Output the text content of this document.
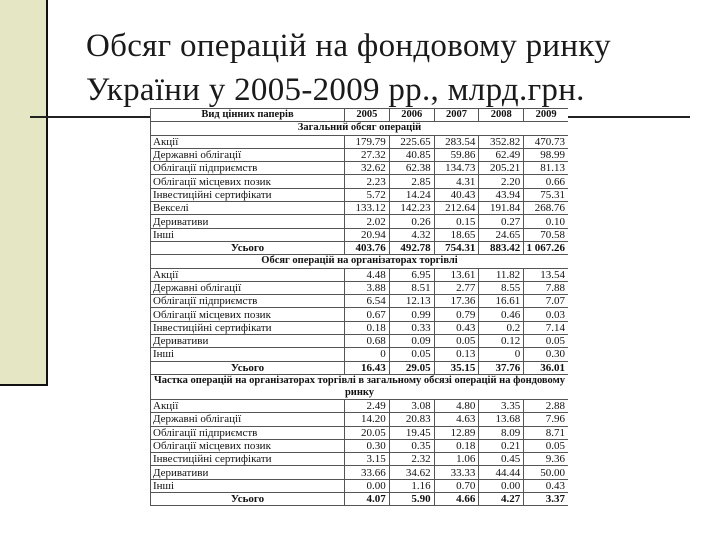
Обсяг операцій на фондовому ринку
України у 2005-2009 рр., млрд.грн.
Вид цінних паперів	2005	2006	2007	2008	2009
Загальний обсяг операцій					
Акції	179.79	225.65	283.54	352.82	470.73
Державні облігації	27.32	40.85	59.86	62.49	98.99
Облігації підприємств	32.62	62.38	134.73	205.21	81.13
Облігації місцевих позик	2.23	2.85	4.31	2.20	0.66
Інвестиційні сертифікати	5.72	14.24	40.43	43.94	75.31
Векселі	133.12	142.23	212.64	191.84	268.76
Деривативи	2.02	0.26	0.15	0.27	0.10
Інші	20.94	4.32	18.65	24.65	70.58
Усього	403.76	492.78	754.31	883.42	1 067.26
Обсяг операцій на організаторах торгівлі					
Акції	4.48	6.95	13.61	11.82	13.54
Державні облігації	3.88	8.51	2.77	8.55	7.88
Облігації підприємств	6.54	12.13	17.36	16.61	7.07
Облігації місцевих позик	0.67	0.99	0.79	0.46	0.03
Інвестиційні сертифікати	0.18	0.33	0.43	0.2	7.14
Деривативи	0.68	0.09	0.05	0.12	0.05
Інші	0	0.05	0.13	0	0.30
Усього	16.43	29.05	35.15	37.76	36.01
Частка операцій на організаторах торгівлі в загальному обсязі операцій на фондовому ринку					
Акції	2.49	3.08	4.80	3.35	2.88
Державні облігації	14.20	20.83	4.63	13.68	7.96
Облігації підприємств	20.05	19.45	12.89	8.09	8.71
Облігації місцевих позик	0.30	0.35	0.18	0.21	0.05
Інвестиційні сертифікати	3.15	2.32	1.06	0.45	9.36
Деривативи	33.66	34.62	33.33	44.44	50.00
Інші	0.00	1.16	0.70	0.00	0.43
Усього	4.07	5.90	4.66	4.27	3.37
